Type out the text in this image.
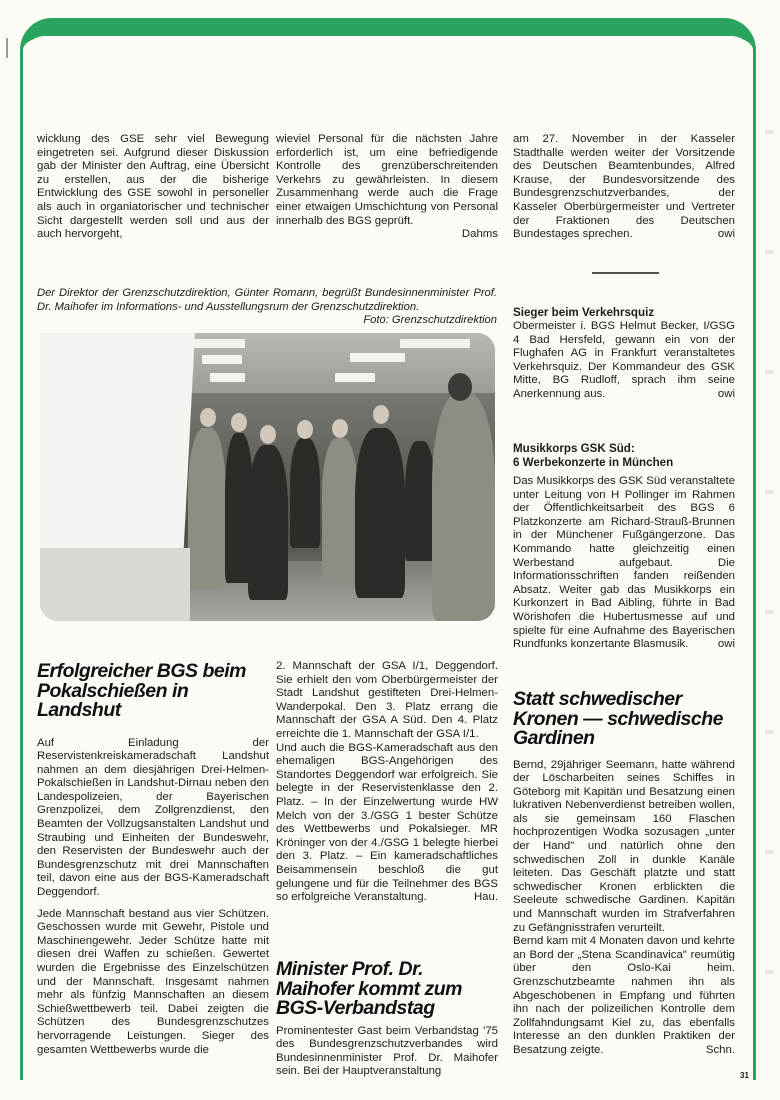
wicklung des GSE sehr viel Bewegung eingetreten sei. Aufgrund dieser Diskussion gab der Minister den Auftrag, eine Übersicht zu erstellen, aus der die bisherige Entwicklung des GSE sowohl in personeller als auch in organiatorischer und technischer Sicht dargestellt werden soll und aus der auch hervorgeht,

wieviel Personal für die nächsten Jahre erforderlich ist, um eine befriedigende Kontrolle des grenzüberschreitenden Verkehrs zu gewährleisten. In diesem Zusammenhang werde auch die Frage einer etwaigen Umschichtung von Personal innerhalb des BGS geprüft.

Dahms

am 27. November in der Kasseler Stadthalle werden weiter der Vorsitzende des Deutschen Beamtenbundes, Alfred Krause, der Bundesvorsitzende des Bundesgrenzschutzverbandes, der Kasseler Oberbürgermeister und Vertreter der Fraktionen des Deutschen Bundestages sprechen.	owi

Der Direktor der Grenzschutzdirektion, Günter Romann, begrüßt Bundesinnenminister Prof. Dr. Maihofer im Informations- und Ausstellungsrum der Grenzschutzdirektion.
Foto: Grenzschutzdirektion

Sieger beim Verkehrsquiz

Obermeister i. BGS Helmut Becker, I/GSG 4 Bad Hersfeld, gewann ein von der Flughafen AG in Frankfurt veranstaltetes Verkehrsquiz. Der Kommandeur des GSK Mitte, BG Rudloff, sprach ihm seine Anerkennung aus.	owi

Musikkorps GSK Süd:
6 Werbekonzerte in München

Das Musikkorps des GSK Süd veranstaltete unter Leitung von H Pollinger im Rahmen der Öffentlichkeitsarbeit des BGS 6 Platzkonzerte am Richard-Strauß-Brunnen in der Münchener Fußgängerzone. Das Kommando hatte gleichzeitig einen Werbestand aufgebaut. Die Informationsschriften fanden reißenden Absatz. Weiter gab das Musikkorps ein Kurkonzert in Bad Aibling, führte in Bad Wörishofen die Hubertusmesse auf und spielte für eine Aufnahme des Bayerischen Rundfunks konzertante Blasmusik.	owi

Erfolgreicher BGS beim Pokalschießen in Landshut

Auf Einladung der Reservistenkreiskameradschaft Landshut nahmen an dem diesjährigen Drei-Helmen-Pokalschießen in Landshut-Dirnau neben den Landespolizeien, der Bayerischen Grenzpolizei, dem Zollgrenzdienst, den Beamten der Vollzugsanstalten Landshut und Straubing und Einheiten der Bundeswehr, den Reservisten der Bundeswehr auch der Bundesgrenzschutz mit drei Mannschaften teil, davon eine aus der BGS-Kameradschaft Deggendorf.

Jede Mannschaft bestand aus vier Schützen. Geschossen wurde mit Gewehr, Pistole und Maschinengewehr. Jeder Schütze hatte mit diesen drei Waffen zu schießen. Gewertet wurden die Ergebnisse des Einzelschützen und der Mannschaft. Insgesamt nahmen mehr als fünfzig Mannschaften an diesem Schießwettbewerb teil. Dabei zeigten die Schützen des Bundesgrenzschutzes hervorragende Leistungen. Sieger des gesamten Wettbewerbs wurde die

2. Mannschaft der GSA I/1, Deggendorf. Sie erhielt den vom Oberbürgermeister der Stadt Landshut gestifteten Drei-Helmen-Wanderpokal. Den 3. Platz errang die Mannschaft der GSA A Süd. Den 4. Platz erreichte die 1. Mannschaft der GSA I/1.

Und auch die BGS-Kameradschaft aus den ehemaligen BGS-Angehörigen des Standortes Deggendorf war erfolgreich. Sie belegte in der Reservistenklasse den 2. Platz. – In der Einzelwertung wurde HW Melch von der 3./GSG 1 bester Schütze des Wettbewerbs und Pokalsieger. MR Kröninger von der 4./GSG 1 belegte hierbei den 3. Platz. – Ein kameradschaftliches Beisammensein beschloß die gut gelungene und für die Teilnehmer des BGS so erfolgreiche Veranstaltung.	Hau.

Minister Prof. Dr. Maihofer kommt zum BGS-Verbandstag

Prominentester Gast beim Verbandstag '75 des Bundesgrenzschutzverbandes wird Bundesinnenminister Prof. Dr. Maihofer sein. Bei der Hauptveranstaltung

Statt schwedischer Kronen — schwedische Gardinen

Bernd, 29jähriger Seemann, hatte während der Löscharbeiten seines Schiffes in Göteborg mit Kapitän und Besatzung einen lukrativen Nebenverdienst betreiben wollen, als sie gemeinsam 160 Flaschen hochprozentigen Wodka sozusagen „unter der Hand" und natürlich ohne den schwedischen Zoll in dunkle Kanäle leiteten. Das Geschäft platzte und statt schwedischer Kronen erblickten die Seeleute schwedische Gardinen. Kapitän und Mannschaft wurden im Strafverfahren zu Gefängnisstrafen verurteilt.

Bernd kam mit 4 Monaten davon und kehrte an Bord der „Stena Scandinavica" reumütig über den Oslo-Kai heim. Grenzschutzbeamte nahmen ihn als Abgeschobenen in Empfang und führten ihn nach der polizeilichen Kontrolle dem Zollfahndungsamt Kiel zu, das ebenfalls Interesse an den dunklen Praktiken der Besatzung zeigte.	Schn.

31
